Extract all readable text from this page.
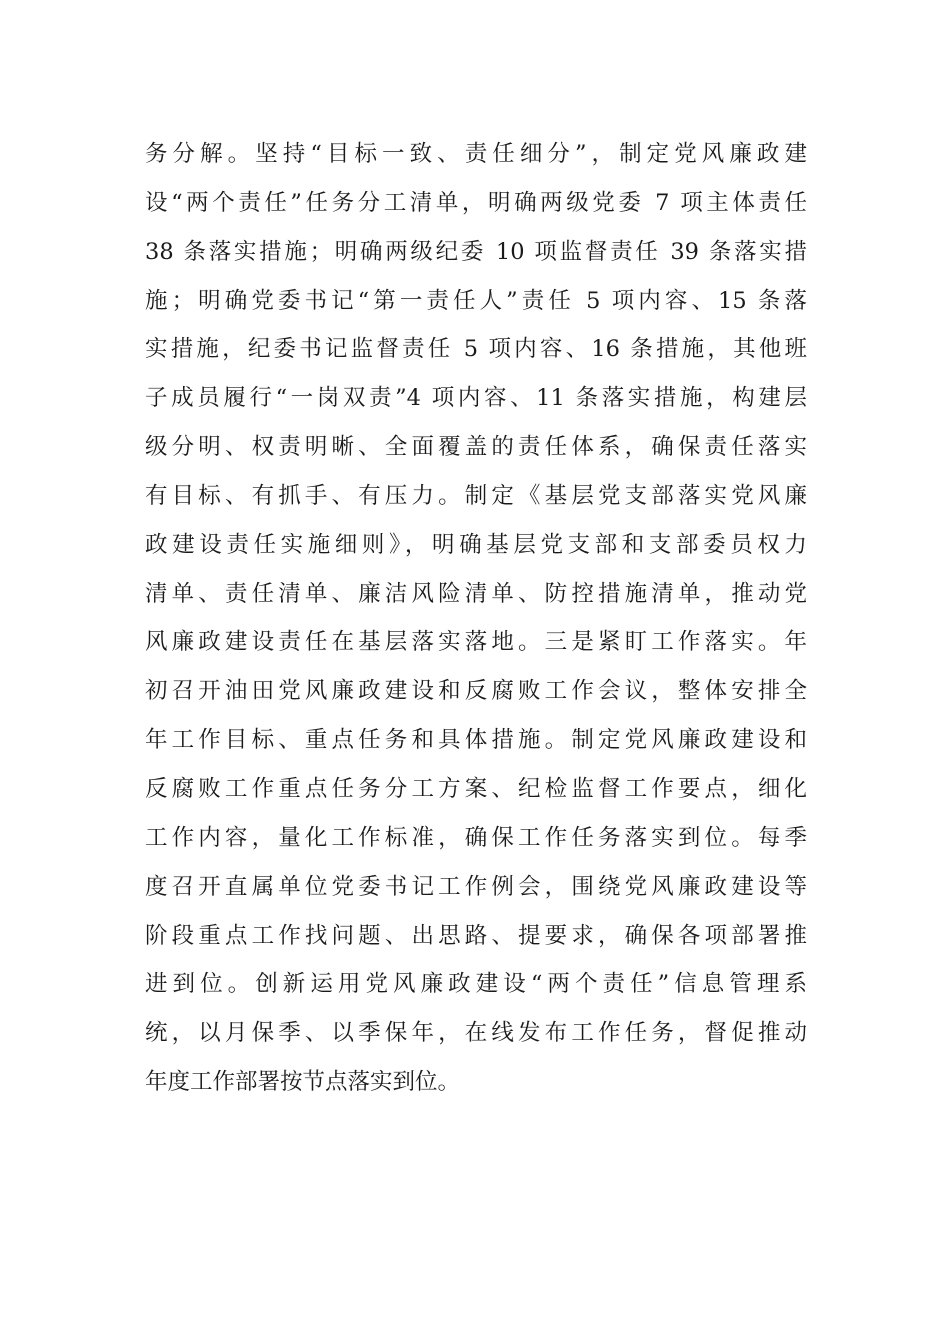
务分解。坚持“目标一致、责任细分”，制定党风廉政建
设“两个责任”任务分工清单，明确两级党委 7 项主体责任
38 条落实措施；明确两级纪委 10 项监督责任 39 条落实措
施；明确党委书记“第一责任人”责任 5 项内容、15 条落
实措施，纪委书记监督责任 5 项内容、16 条措施，其他班
子成员履行“一岗双责”4 项内容、11 条落实措施，构建层
级分明、权责明晰、全面覆盖的责任体系，确保责任落实
有目标、有抓手、有压力。制定《基层党支部落实党风廉
政建设责任实施细则》，明确基层党支部和支部委员权力
清单、责任清单、廉洁风险清单、防控措施清单，推动党
风廉政建设责任在基层落实落地。三是紧盯工作落实。年
初召开油田党风廉政建设和反腐败工作会议，整体安排全
年工作目标、重点任务和具体措施。制定党风廉政建设和
反腐败工作重点任务分工方案、纪检监督工作要点，细化
工作内容，量化工作标准，确保工作任务落实到位。每季
度召开直属单位党委书记工作例会，围绕党风廉政建设等
阶段重点工作找问题、出思路、提要求，确保各项部署推
进到位。创新运用党风廉政建设“两个责任”信息管理系
统，以月保季、以季保年，在线发布工作任务，督促推动
年度工作部署按节点落实到位。
